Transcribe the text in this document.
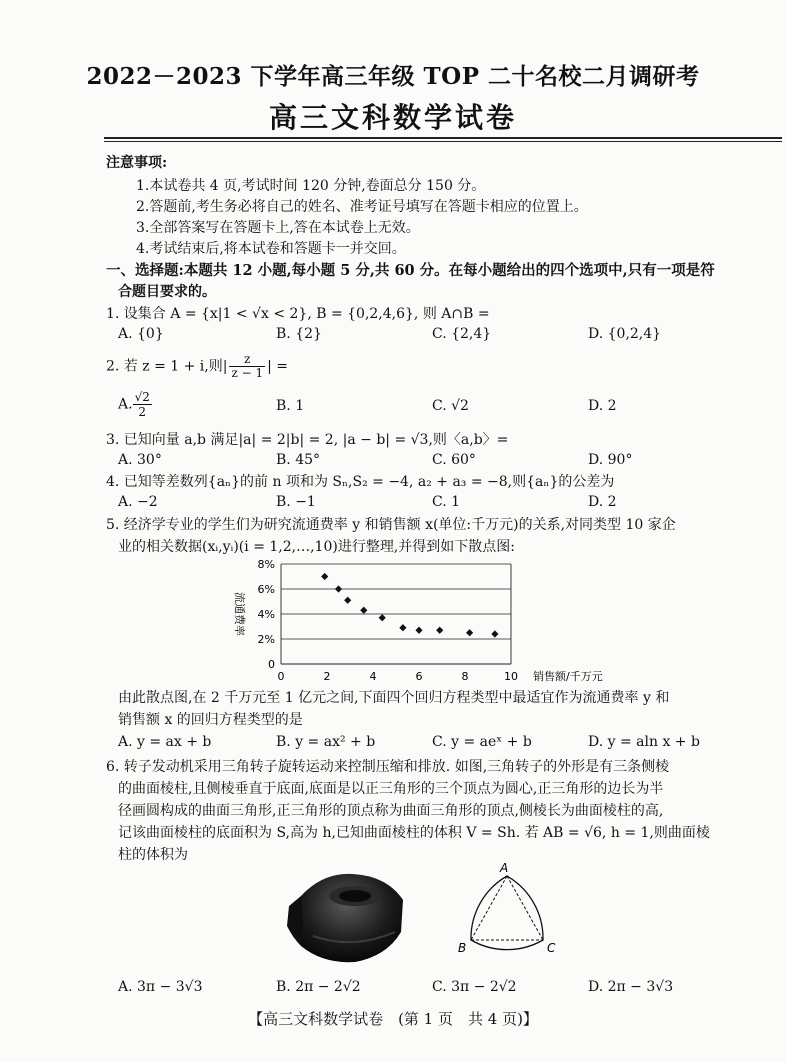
2022－2023 下学年高三年级 TOP 二十名校二月调研考
高三文科数学试卷
注意事项:
1.本试卷共 4 页,考试时间 120 分钟,卷面总分 150 分。
2.答题前,考生务必将自己的姓名、准考证号填写在答题卡相应的位置上。
3.全部答案写在答题卡上,答在本试卷上无效。
4.考试结束后,将本试卷和答题卡一并交回。
一、选择题:本题共 12 小题,每小题 5 分,共 60 分。在每小题给出的四个选项中,只有一项是符
合题目要求的。
1. 设集合 A = {x|1 < √x < 2}, B = {0,2,4,6}, 则 A∩B =
A. {0}	B. {2}	C. {2,4}	D. {0,2,4}
2. 若 z = 1 + i,则| $\frac{z}{z - 1}$ | =
A. $\frac{√2}{2}$	B. 1	C. √2	D. 2
3. 已知向量 a,b 满足|a| = 2|b| = 2, |a − b| = √3,则〈a,b〉=
A. 30°	B. 45°	C. 60°	D. 90°
4. 已知等差数列{aₙ}的前 n 项和为 Sₙ,S₂ = −4, a₂ + a₃ = −8,则{aₙ}的公差为
A. −2	B. −1	C. 1	D. 2
5. 经济学专业的学生们为研究流通费率 y 和销售额 x(单位:千万元)的关系,对同类型 10 家企
业的相关数据(xᵢ,yᵢ)(i = 1,2,…,10)进行整理,并得到如下散点图:
0
2%
4%
6%
8%
0	2	4	6	8	10
流通费率
销售额/千万元
由此散点图,在 2 千万元至 1 亿元之间,下面四个回归方程类型中最适宜作为流通费率 y 和
销售额 x 的回归方程类型的是
A. y = ax + b	B. y = ax² + b	C. y = aeˣ + b	D. y = aln x + b
6. 转子发动机采用三角转子旋转运动来控制压缩和排放. 如图,三角转子的外形是有三条侧棱
的曲面棱柱,且侧棱垂直于底面,底面是以正三角形的三个顶点为圆心,正三角形的边长为半
径画圆构成的曲面三角形,正三角形的顶点称为曲面三角形的顶点,侧棱长为曲面棱柱的高,
记该曲面棱柱的底面积为 S,高为 h,已知曲面棱柱的体积 V = Sh. 若 AB = √6, h = 1,则曲面棱
柱的体积为
A
B	C
A. 3π − 3√3	B. 2π − 2√2	C. 3π − 2√2	D. 2π − 3√3
【高三文科数学试卷　(第 1 页　共 4 页)】
